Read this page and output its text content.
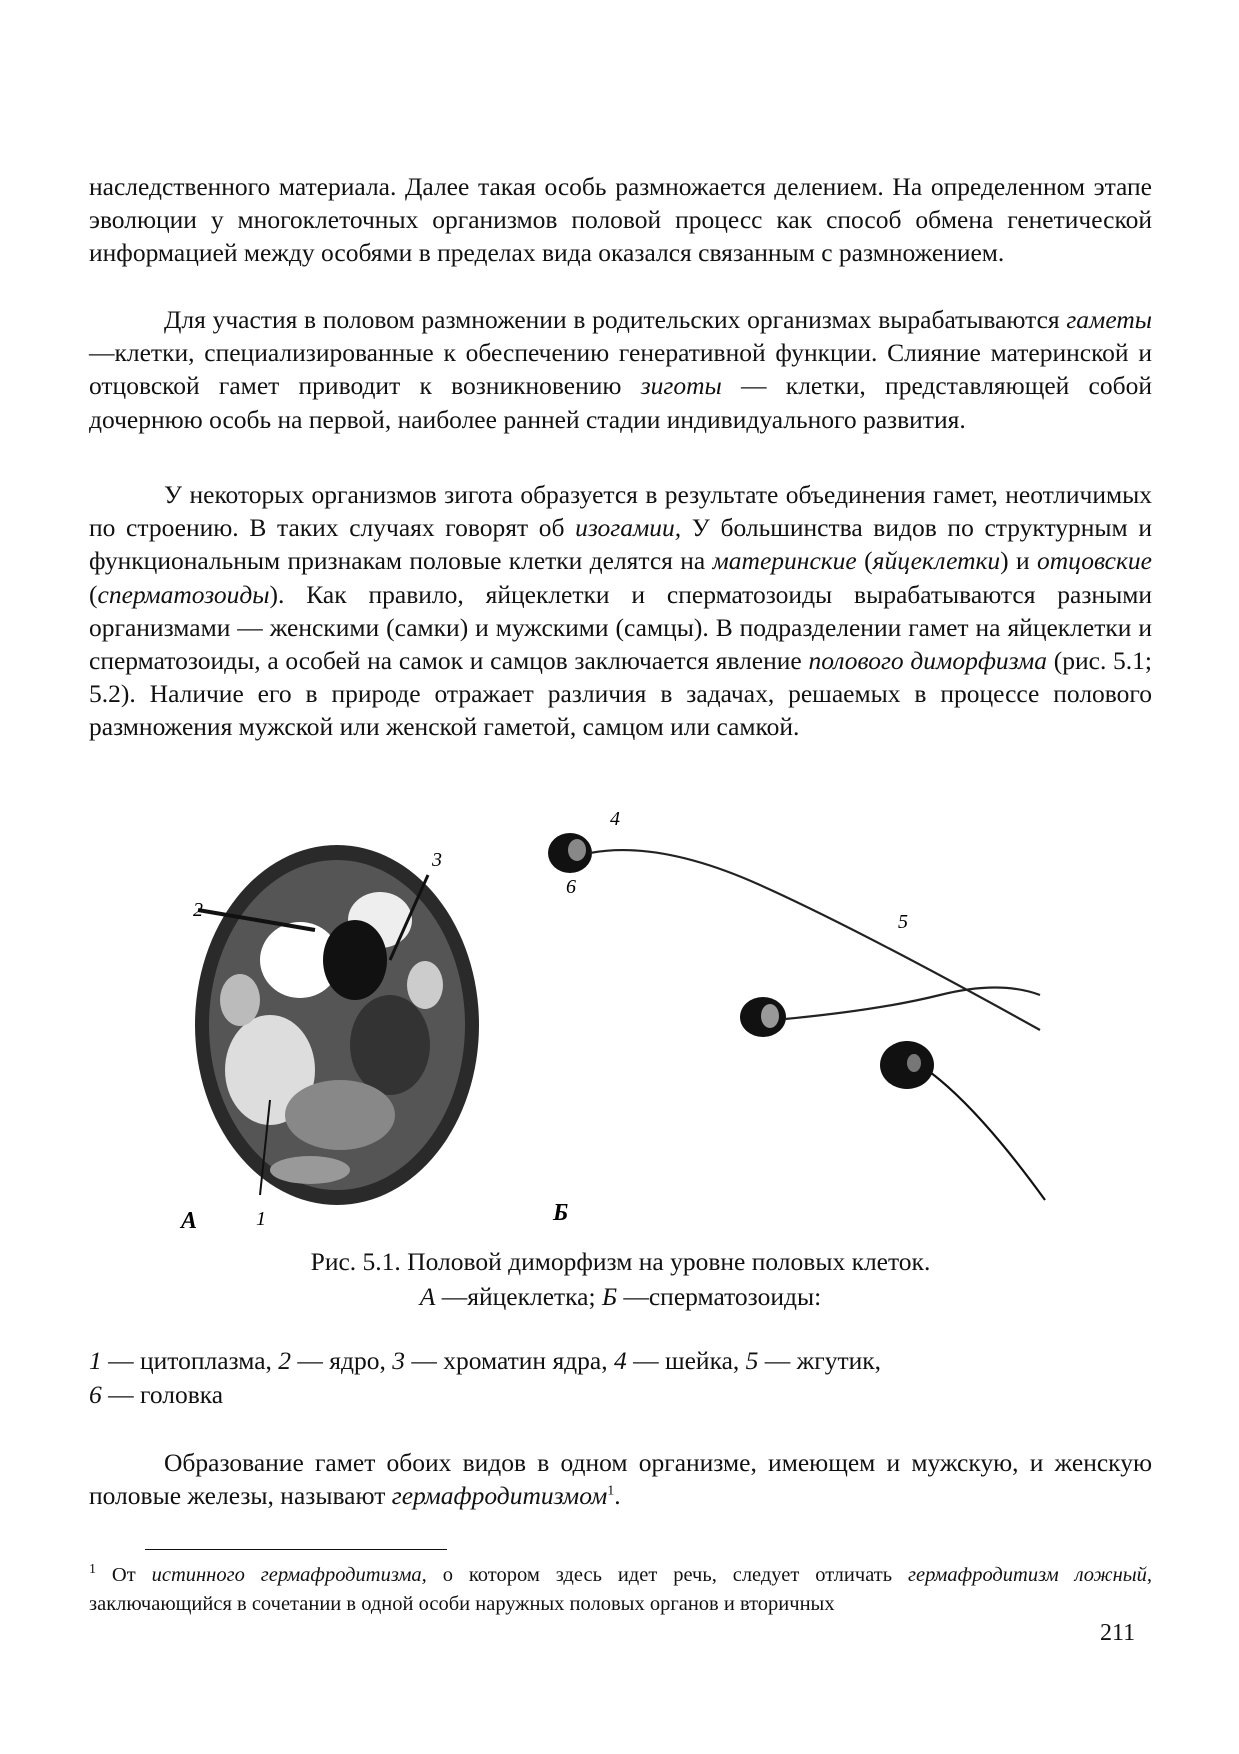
наследственного материала. Далее такая особь размножается делением. На определенном этапе эволюции у многоклеточных организмов половой процесс как способ обмена генетической информацией между особями в пределах вида оказался связанным с размножением.

Для участия в половом размножении в родительских организмах вырабатываются гаметы —клетки, специализированные к обеспечению генеративной функции. Слияние материнской и отцовской гамет приводит к возникновению зиготы — клетки, представляющей собой дочернюю особь на первой, наиболее ранней стадии индивидуального развития.

У некоторых организмов зигота образуется в результате объединения гамет, неотличимых по строению. В таких случаях говорят об изогамии, У большинства видов по структурным и функциональным признакам половые клетки делятся на материнские (яйцеклетки) и отцовские (сперматозоиды). Как правило, яйцеклетки и сперматозоиды вырабатываются разными организмами — женскими (самки) и мужскими (самцы). В подразделении гамет на яйцеклетки и сперматозоиды, а особей на самок и самцов заключается явление полового диморфизма (рис. 5.1; 5.2). Наличие его в природе отражает различия в задачах, решаемых в процессе полового размножения мужской или женской гаметой, самцом или самкой.

А	1
2
3
Б
4
5
6
Рис. 5.1. Половой диморфизм на уровне половых клеток.
А —яйцеклетка; Б —сперматозоиды:
1 — цитоплазма, 2 — ядро, 3 — хроматин ядра, 4 — шейка, 5 — жгутик,
6 — головка

Образование гамет обоих видов в одном организме, имеющем и мужскую, и женскую половые железы, называют гермафродитизмом$^1$.

$^1$ От истинного гермафродитизма, о котором здесь идет речь, следует отличать гермафродитизм ложный, заключающийся в сочетании в одной особи наружных половых органов и вторичных

211
